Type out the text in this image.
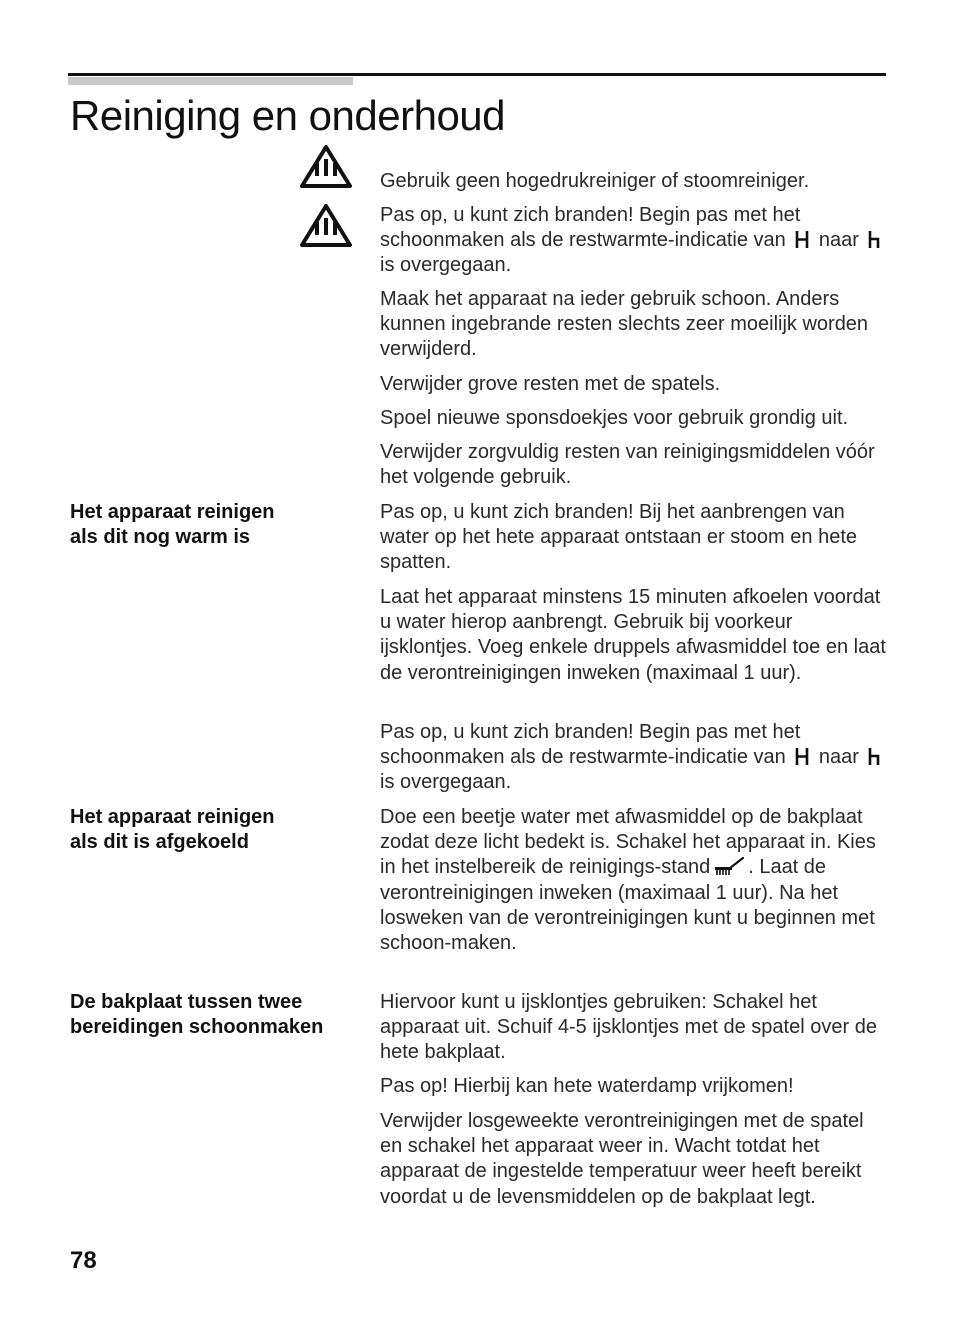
Reiniging en onderhoud

Gebruik geen hogedrukreiniger of stoomreiniger.

Pas op, u kunt zich branden! Begin pas met het schoonmaken als de restwarmte-indicatie van naar
is overgegaan.

Maak het apparaat na ieder gebruik schoon. Anders kunnen ingebrande resten slechts zeer moeilijk worden verwijderd.

Verwijder grove resten met de spatels.

Spoel nieuwe sponsdoekjes voor gebruik grondig uit.

Verwijder zorgvuldig resten van reinigingsmiddelen vóór het volgende gebruik.

Het apparaat reinigen
als dit nog warm is

Pas op, u kunt zich branden! Bij het aanbrengen van water op het hete apparaat ontstaan er stoom en hete spatten.

Laat het apparaat minstens 15 minuten afkoelen voordat u water hierop aanbrengt. Gebruik bij voorkeur ijsklontjes. Voeg enkele druppels afwasmiddel toe en laat de verontreinigingen inweken (maximaal 1 uur).

Pas op, u kunt zich branden! Begin pas met het schoonmaken als de restwarmte-indicatie van naar
is overgegaan.

Het apparaat reinigen
als dit is afgekoeld

Doe een beetje water met afwasmiddel op de bakplaat zodat deze licht bedekt is. Schakel het apparaat in. Kies in het instelbereik de reinigings-stand . Laat de verontreinigingen inweken (maximaal 1 uur). Na het losweken van de verontreinigingen kunt u beginnen met schoon-maken.

De bakplaat tussen twee
bereidingen schoonmaken

Hiervoor kunt u ijsklontjes gebruiken: Schakel het apparaat uit. Schuif 4-5 ijsklontjes met de spatel over de hete bakplaat.

Pas op! Hierbij kan hete waterdamp vrijkomen!

Verwijder losgeweekte verontreinigingen met de spatel en schakel het apparaat weer in. Wacht totdat het apparaat de ingestelde temperatuur weer heeft bereikt voordat u de levensmiddelen op de bakplaat legt.

78
